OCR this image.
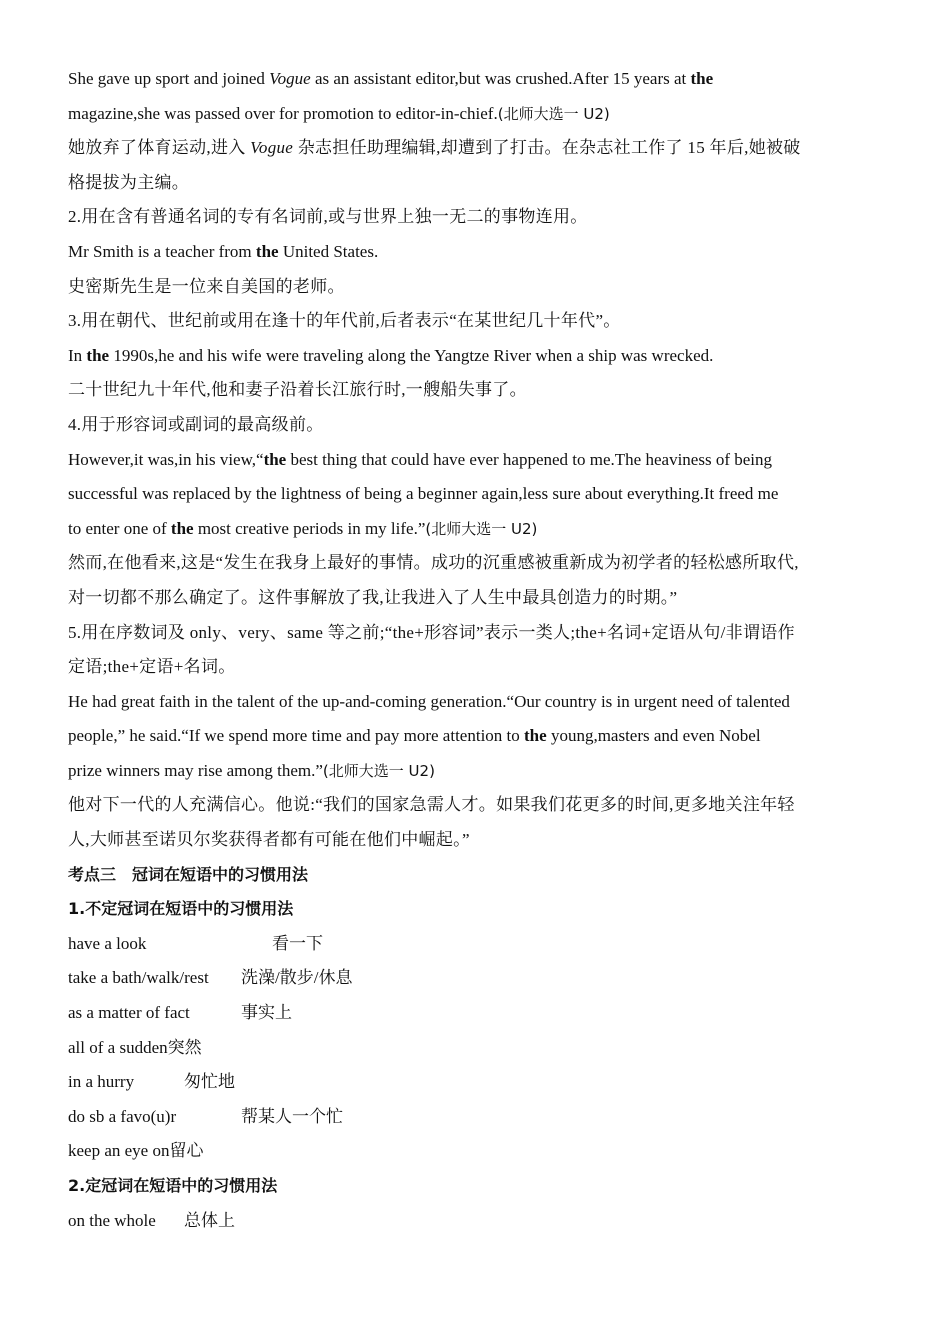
She gave up sport and joined Vogue as an assistant editor,but was crushed.After 15 years at the

magazine,she was passed over for promotion to editor-in-chief.(北师大选一 U2)

她放弃了体育运动,进入 Vogue 杂志担任助理编辑,却遭到了打击。在杂志社工作了 15 年后,她被破

格提拔为主编。

2.用在含有普通名词的专有名词前,或与世界上独一无二的事物连用。

Mr Smith is a teacher from the United States.

史密斯先生是一位来自美国的老师。

3.用在朝代、世纪前或用在逢十的年代前,后者表示“在某世纪几十年代”。

In the 1990s,he and his wife were traveling along the Yangtze River when a ship was wrecked.

二十世纪九十年代,他和妻子沿着长江旅行时,一艘船失事了。

4.用于形容词或副词的最高级前。

However,it was,in his view,“the best thing that could have ever happened to me.The heaviness of being

successful was replaced by the lightness of being a beginner again,less sure about everything.It freed me

to enter one of the most creative periods in my life.”(北师大选一 U2)

然而,在他看来,这是“发生在我身上最好的事情。成功的沉重感被重新成为初学者的轻松感所取代,

对一切都不那么确定了。这件事解放了我,让我进入了人生中最具创造力的时期。”

5.用在序数词及 only、very、same 等之前;“the+形容词”表示一类人;the+名词+定语从句/非谓语作

定语;the+定语+名词。

He had great faith in the talent of the up-and-coming generation.“Our country is in urgent need of talented

people,” he said.“If we spend more time and pay more attention to the young,masters and even Nobel

prize winners may rise among them.”(北师大选一 U2)

他对下一代的人充满信心。他说:“我们的国家急需人才。如果我们花更多的时间,更多地关注年轻

人,大师甚至诺贝尔奖获得者都有可能在他们中崛起。”

考点三　冠词在短语中的习惯用法

1.不定冠词在短语中的习惯用法

have a look	看一下

take a bath/walk/rest 洗澡/散步/休息

as a matter of fact	事实上

all of a sudden突然

in a hurry	匆忙地

do sb a favo(u)r	帮某人一个忙

keep an eye on留心

2.定冠词在短语中的习惯用法

on the whole 总体上
